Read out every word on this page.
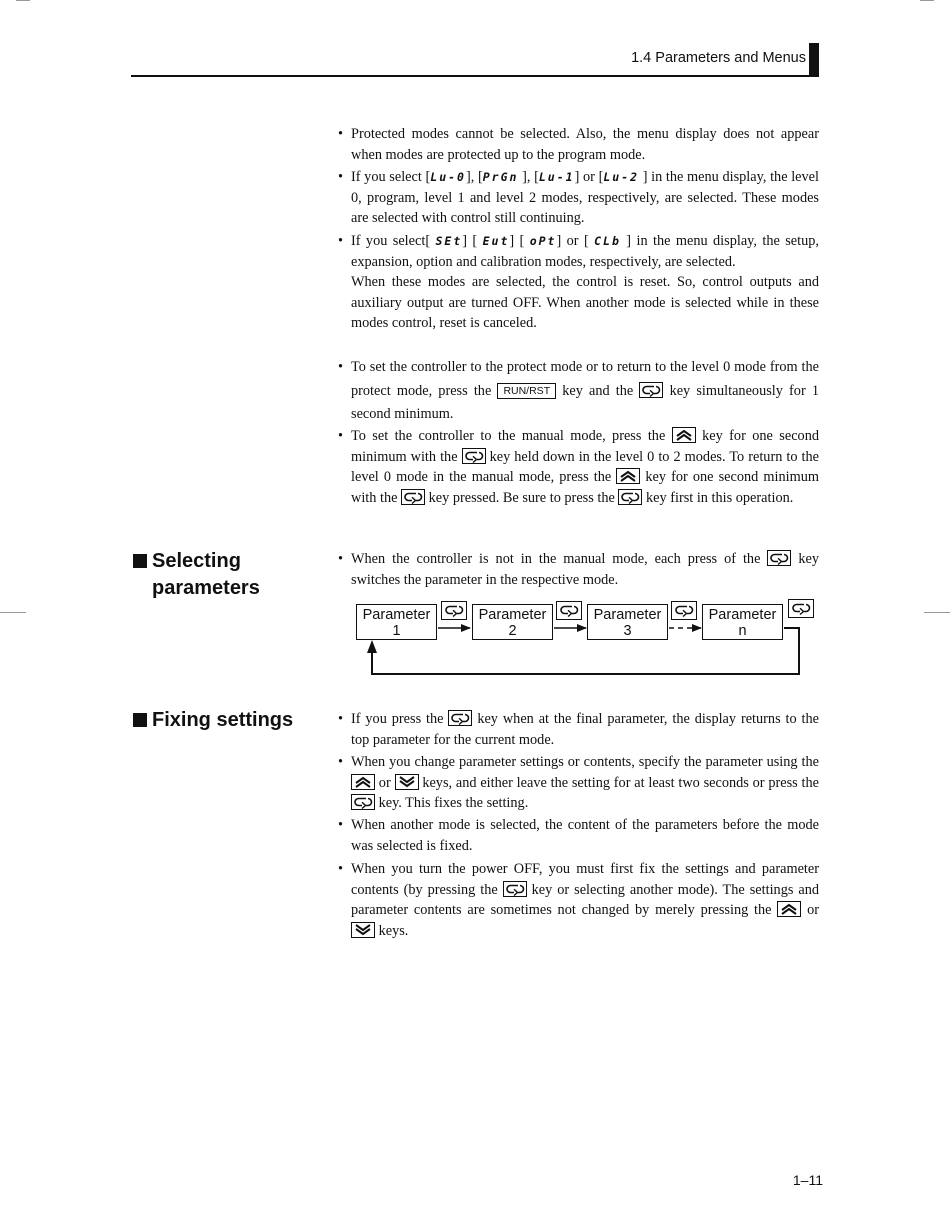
1.4 Parameters and Menus
• Protected modes cannot be selected. Also, the menu display does not appear when modes are protected up to the program mode.
• If you select [Lu-0], [PrGn ], [Lu-1] or [Lu-2 ] in the menu display, the level 0, program, level 1 and level 2 modes, respectively, are selected. These modes are selected with control still continuing.
• If you select[ SEt] [ Eut] [ oPt] or [ CLb ] in the menu display, the setup, expansion, option and calibration modes, respectively, are selected.
When these modes are selected, the control is reset. So, control outputs and auxiliary output are turned OFF. When another mode is selected while in these modes control, reset is canceled.
• To set the controller to the protect mode or to return to the level 0 mode from the protect mode, press the RUN/RST key and the	key simultaneously for 1 second minimum.
• To set the controller to the manual mode, press the	key for one second minimum with the key held down in the level 0 to 2 modes. To return to the level 0 mode in the manual mode, press the key for one second minimum with the key pressed. Be sure to press the key first in this operation.
Selecting
parameters
• When the controller is not in the manual mode, each press of the	key switches the parameter in the respective mode.
Parameter
1
Parameter
2
Parameter
3
Parameter
n
Fixing settings	• If you press the key when at the final parameter, the display returns to the top parameter for the current mode.
• When you change parameter settings or contents, specify the parameter using the
or keys, and either leave the setting for at least two seconds or press the
key. This fixes the setting.
• When another mode is selected, the content of the parameters before the mode was selected is fixed.
• When you turn the power OFF, you must first fix the settings and parameter contents (by pressing the key or selecting another mode). The settings and parameter contents are sometimes not changed by merely pressing the or
keys.
1–11
